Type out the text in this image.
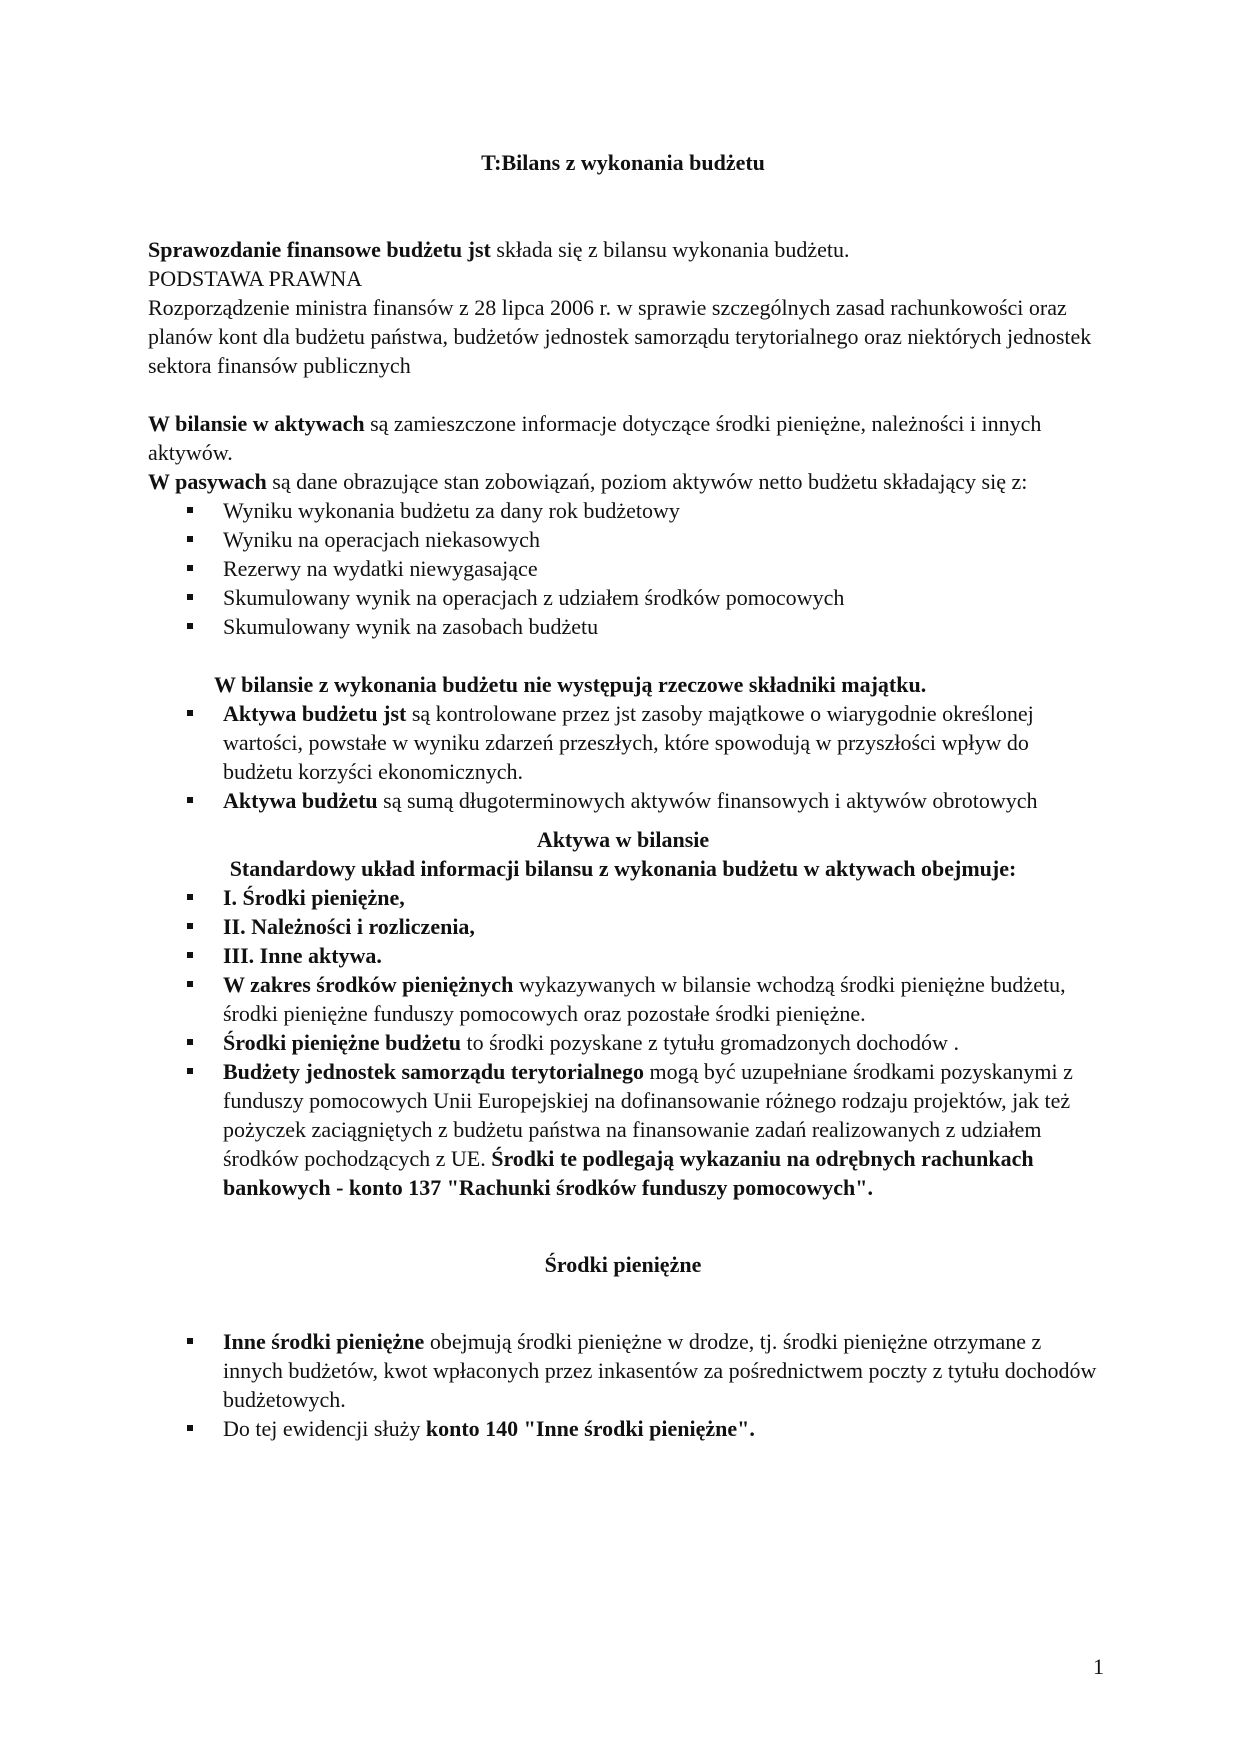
T:Bilans z wykonania budżetu

Sprawozdanie finansowe budżetu jst składa się z bilansu wykonania budżetu.

PODSTAWA PRAWNA

Rozporządzenie ministra finansów z 28 lipca 2006 r. w sprawie szczególnych zasad rachunkowości oraz planów kont dla budżetu państwa, budżetów jednostek samorządu terytorialnego oraz niektórych jednostek sektora finansów publicznych

W bilansie w aktywach są zamieszczone informacje dotyczące środki pieniężne, należności i innych aktywów.

W pasywach są dane obrazujące stan zobowiązań, poziom aktywów netto budżetu składający się z:

Wyniku wykonania budżetu za dany rok budżetowy
Wyniku na operacjach niekasowych
Rezerwy na wydatki niewygasające
Skumulowany wynik na operacjach z udziałem środków pomocowych
Skumulowany wynik na zasobach budżetu

W bilansie z wykonania budżetu nie występują rzeczowe składniki majątku.

Aktywa budżetu jst są kontrolowane przez jst zasoby majątkowe o wiarygodnie określonej wartości, powstałe w wyniku zdarzeń przeszłych, które spowodują w przyszłości wpływ do budżetu korzyści ekonomicznych.
Aktywa budżetu są sumą długoterminowych aktywów finansowych i aktywów obrotowych

Aktywa w bilansie

Standardowy układ informacji bilansu z wykonania budżetu w aktywach obejmuje:

I. Środki pieniężne,
II. Należności i rozliczenia,
III. Inne aktywa.
W zakres środków pieniężnych wykazywanych w bilansie wchodzą środki pieniężne budżetu, środki pieniężne funduszy pomocowych oraz pozostałe środki pieniężne.
Środki pieniężne budżetu to środki pozyskane z tytułu gromadzonych dochodów .
Budżety jednostek samorządu terytorialnego mogą być uzupełniane środkami pozyskanymi z funduszy pomocowych Unii Europejskiej na dofinansowanie różnego rodzaju projektów, jak też pożyczek zaciągniętych z budżetu państwa na finansowanie zadań realizowanych z udziałem środków pochodzących z UE. Środki te podlegają wykazaniu na odrębnych rachunkach bankowych - konto 137 "Rachunki środków funduszy pomocowych".

Środki pieniężne

Inne środki pieniężne obejmują środki pieniężne w drodze, tj. środki pieniężne otrzymane z innych budżetów, kwot wpłaconych przez inkasentów za pośrednictwem poczty z tytułu dochodów budżetowych.
Do tej ewidencji służy konto 140 "Inne środki pieniężne".
1
